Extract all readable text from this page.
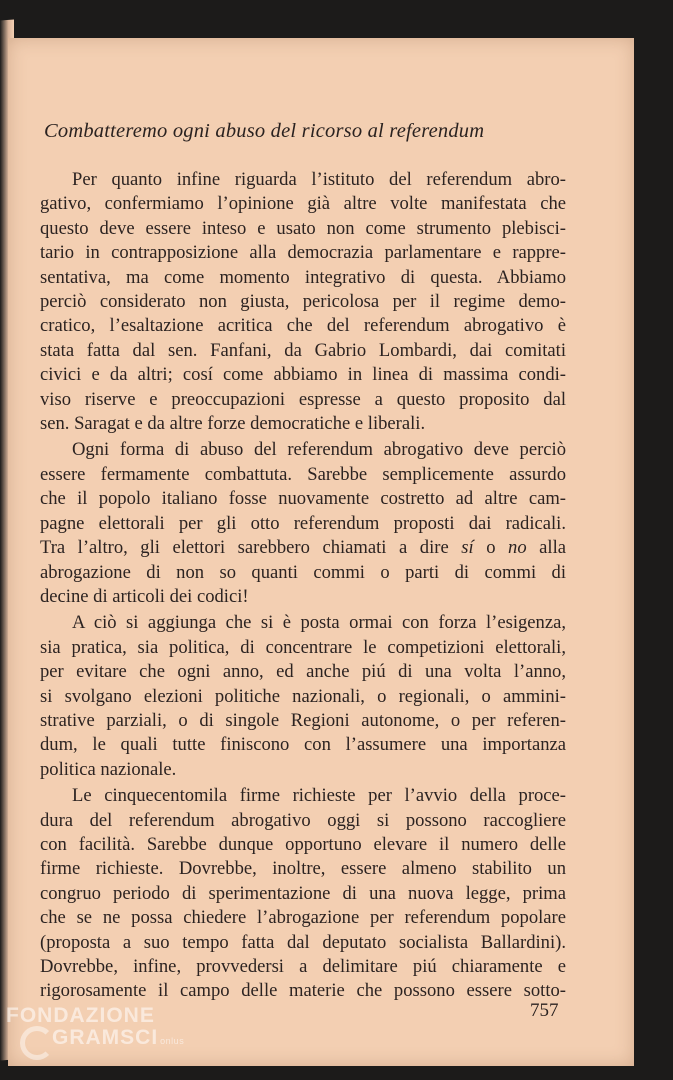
Combatteremo ogni abuso del ricorso al referendum
Per quanto infine riguarda l’istituto del referendum abro-
gativo, confermiamo l’opinione già altre volte manifestata che
questo deve essere inteso e usato non come strumento plebisci-
tario in contrapposizione alla democrazia parlamentare e rappre-
sentativa, ma come momento integrativo di questa. Abbiamo
perciò considerato non giusta, pericolosa per il regime demo-
cratico, l’esaltazione acritica che del referendum abrogativo è
stata fatta dal sen. Fanfani, da Gabrio Lombardi, dai comitati
civici e da altri; cosí come abbiamo in linea di massima condi-
viso riserve e preoccupazioni espresse a questo proposito dal
sen. Saragat e da altre forze democratiche e liberali.
Ogni forma di abuso del referendum abrogativo deve perciò
essere fermamente combattuta. Sarebbe semplicemente assurdo
che il popolo italiano fosse nuovamente costretto ad altre cam-
pagne elettorali per gli otto referendum proposti dai radicali.
Tra l’altro, gli elettori sarebbero chiamati a dire sí o no alla
abrogazione di non so quanti commi o parti di commi di
decine di articoli dei codici!
A ciò si aggiunga che si è posta ormai con forza l’esigenza,
sia pratica, sia politica, di concentrare le competizioni elettorali,
per evitare che ogni anno, ed anche piú di una volta l’anno,
si svolgano elezioni politiche nazionali, o regionali, o ammini-
strative parziali, o di singole Regioni autonome, o per referen-
dum, le quali tutte finiscono con l’assumere una importanza
politica nazionale.
Le cinquecentomila firme richieste per l’avvio della proce-
dura del referendum abrogativo oggi si possono raccogliere
con facilità. Sarebbe dunque opportuno elevare il numero delle
firme richieste. Dovrebbe, inoltre, essere almeno stabilito un
congruo periodo di sperimentazione di una nuova legge, prima
che se ne possa chiedere l’abrogazione per referendum popolare
(proposta a suo tempo fatta dal deputato socialista Ballardini).
Dovrebbe, infine, provvedersi a delimitare piú chiaramente e
rigorosamente il campo delle materie che possono essere sotto-
757
FONDAZIONE
GRAMSCI onlus
